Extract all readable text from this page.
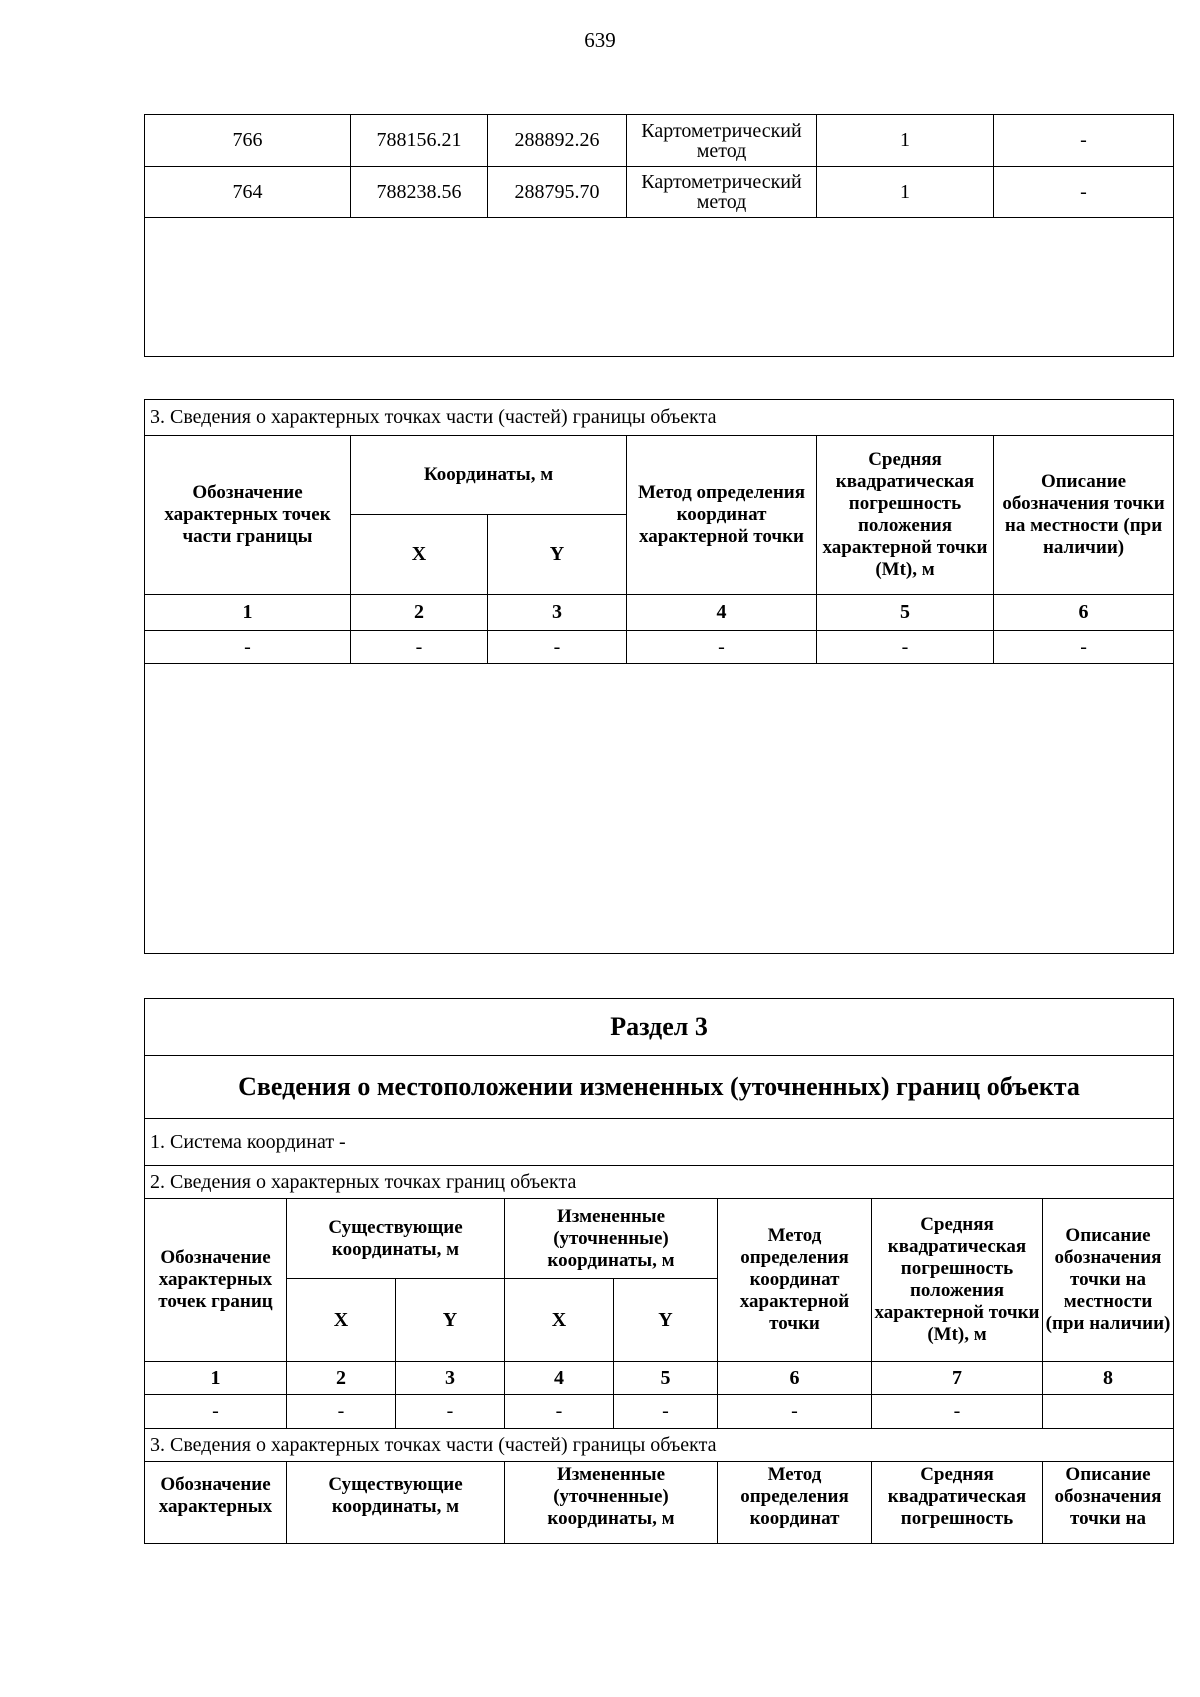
639
766	788156.21	288892.26	Картометрический метод	1	-
764	788238.56	288795.70	Картометрический метод	1	-

3. Сведения о характерных точках части (частей) границы объекта					
Обозначение характерных точек части границы	Координаты, м		Метод определения координат характерной точки	Средняя квадратическая погрешность положения характерной точки (Mt), м	Описание обозначения точки на местности (при наличии)
	X	Y			
1	2	3	4	5	6
-	-	-	-	-	-

Раздел 3							
Сведения о местоположении измененных (уточненных) границ объекта							
1. Система координат -							
2. Сведения о характерных точках границ объекта							
Обозначение характерных точек границ	Существующие координаты, м		Измененные (уточненные) координаты, м		Метод определения координат характерной точки	Средняя квадратическая погрешность положения характерной точки (Mt), м	Описание обозначения точки на местности (при наличии)
	X	Y	X	Y			
1	2	3	4	5	6	7	8
-	-	-	-	-	-	-	
3. Сведения о характерных точках части (частей) границы объекта							
Обозначение характерных	Существующие координаты, м		Измененные (уточненные) координаты, м		Метод определения координат	Средняя квадратическая погрешность	Описание обозначения точки на
